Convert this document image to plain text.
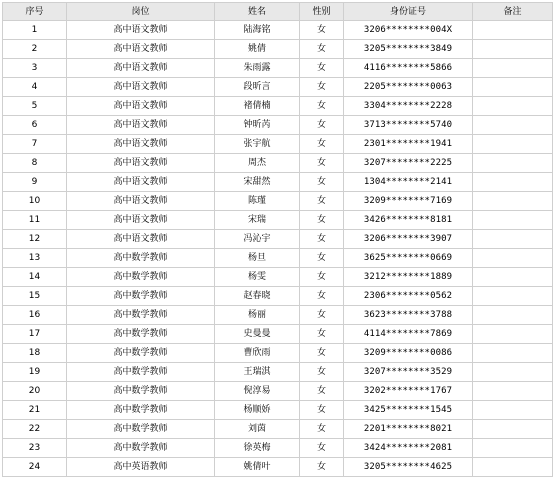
序号	岗位	姓名	性别	身份证号	备注
1	高中语文教师	陆海铭	女	3206********004X	
2	高中语文教师	姚倩	女	3205********3849	
3	高中语文教师	朱雨露	女	4116********5866	
4	高中语文教师	段昕言	女	2205********0063	
5	高中语文教师	褚倩楠	女	3304********2228	
6	高中语文教师	钟昕芮	女	3713********5740	
7	高中语文教师	张宇航	女	2301********1941	
8	高中语文教师	周杰	女	3207********2225	
9	高中语文教师	宋甜然	女	1304********2141	
10	高中语文教师	陈瑾	女	3209********7169	
11	高中语文教师	宋瑞	女	3426********8181	
12	高中语文教师	冯沁宇	女	3206********3907	
13	高中数学教师	杨旦	女	3625********0669	
14	高中数学教师	杨雯	女	3212********1889	
15	高中数学教师	赵春晓	女	2306********0562	
16	高中数学教师	杨丽	女	3623********3788	
17	高中数学教师	史曼曼	女	4114********7869	
18	高中数学教师	曹欣雨	女	3209********0086	
19	高中数学教师	王瑞淇	女	3207********3529	
20	高中数学教师	倪淳易	女	3202********1767	
21	高中数学教师	杨顺娇	女	3425********1545	
22	高中数学教师	刘茵	女	2201********8021	
23	高中数学教师	徐英梅	女	3424********2081	
24	高中英语教师	姚倩叶	女	3205********4625	
